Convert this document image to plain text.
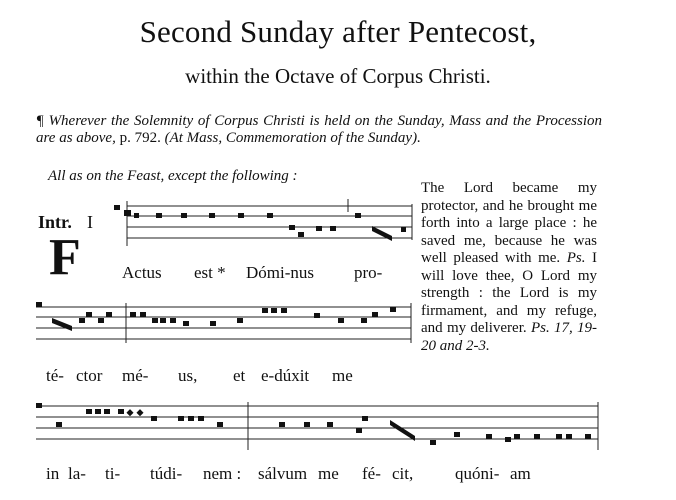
Second Sunday after Pentecost,
within the Octave of Corpus Christi.
¶ Wherever the Solemnity of Corpus Christi is held on the Sunday, Mass and the Procession are as above, p. 792. (At Mass, Commemoration of the Sunday).
All as on the Feast, except the following :
Intr. I
F Actus est * Dómi-nus pro-
té- ctor mé- us, et e-dúxit me
in la- ti- túdi- nem : sálvum me fé- cit, quóni- am
The Lord became my protector, and he brought me forth into a large place : he saved me, because he was well pleased with me. Ps. I will love thee, O Lord my strength : the Lord is my firmament, and my refuge, and my deliverer. Ps. 17, 19-20 and 2-3.
